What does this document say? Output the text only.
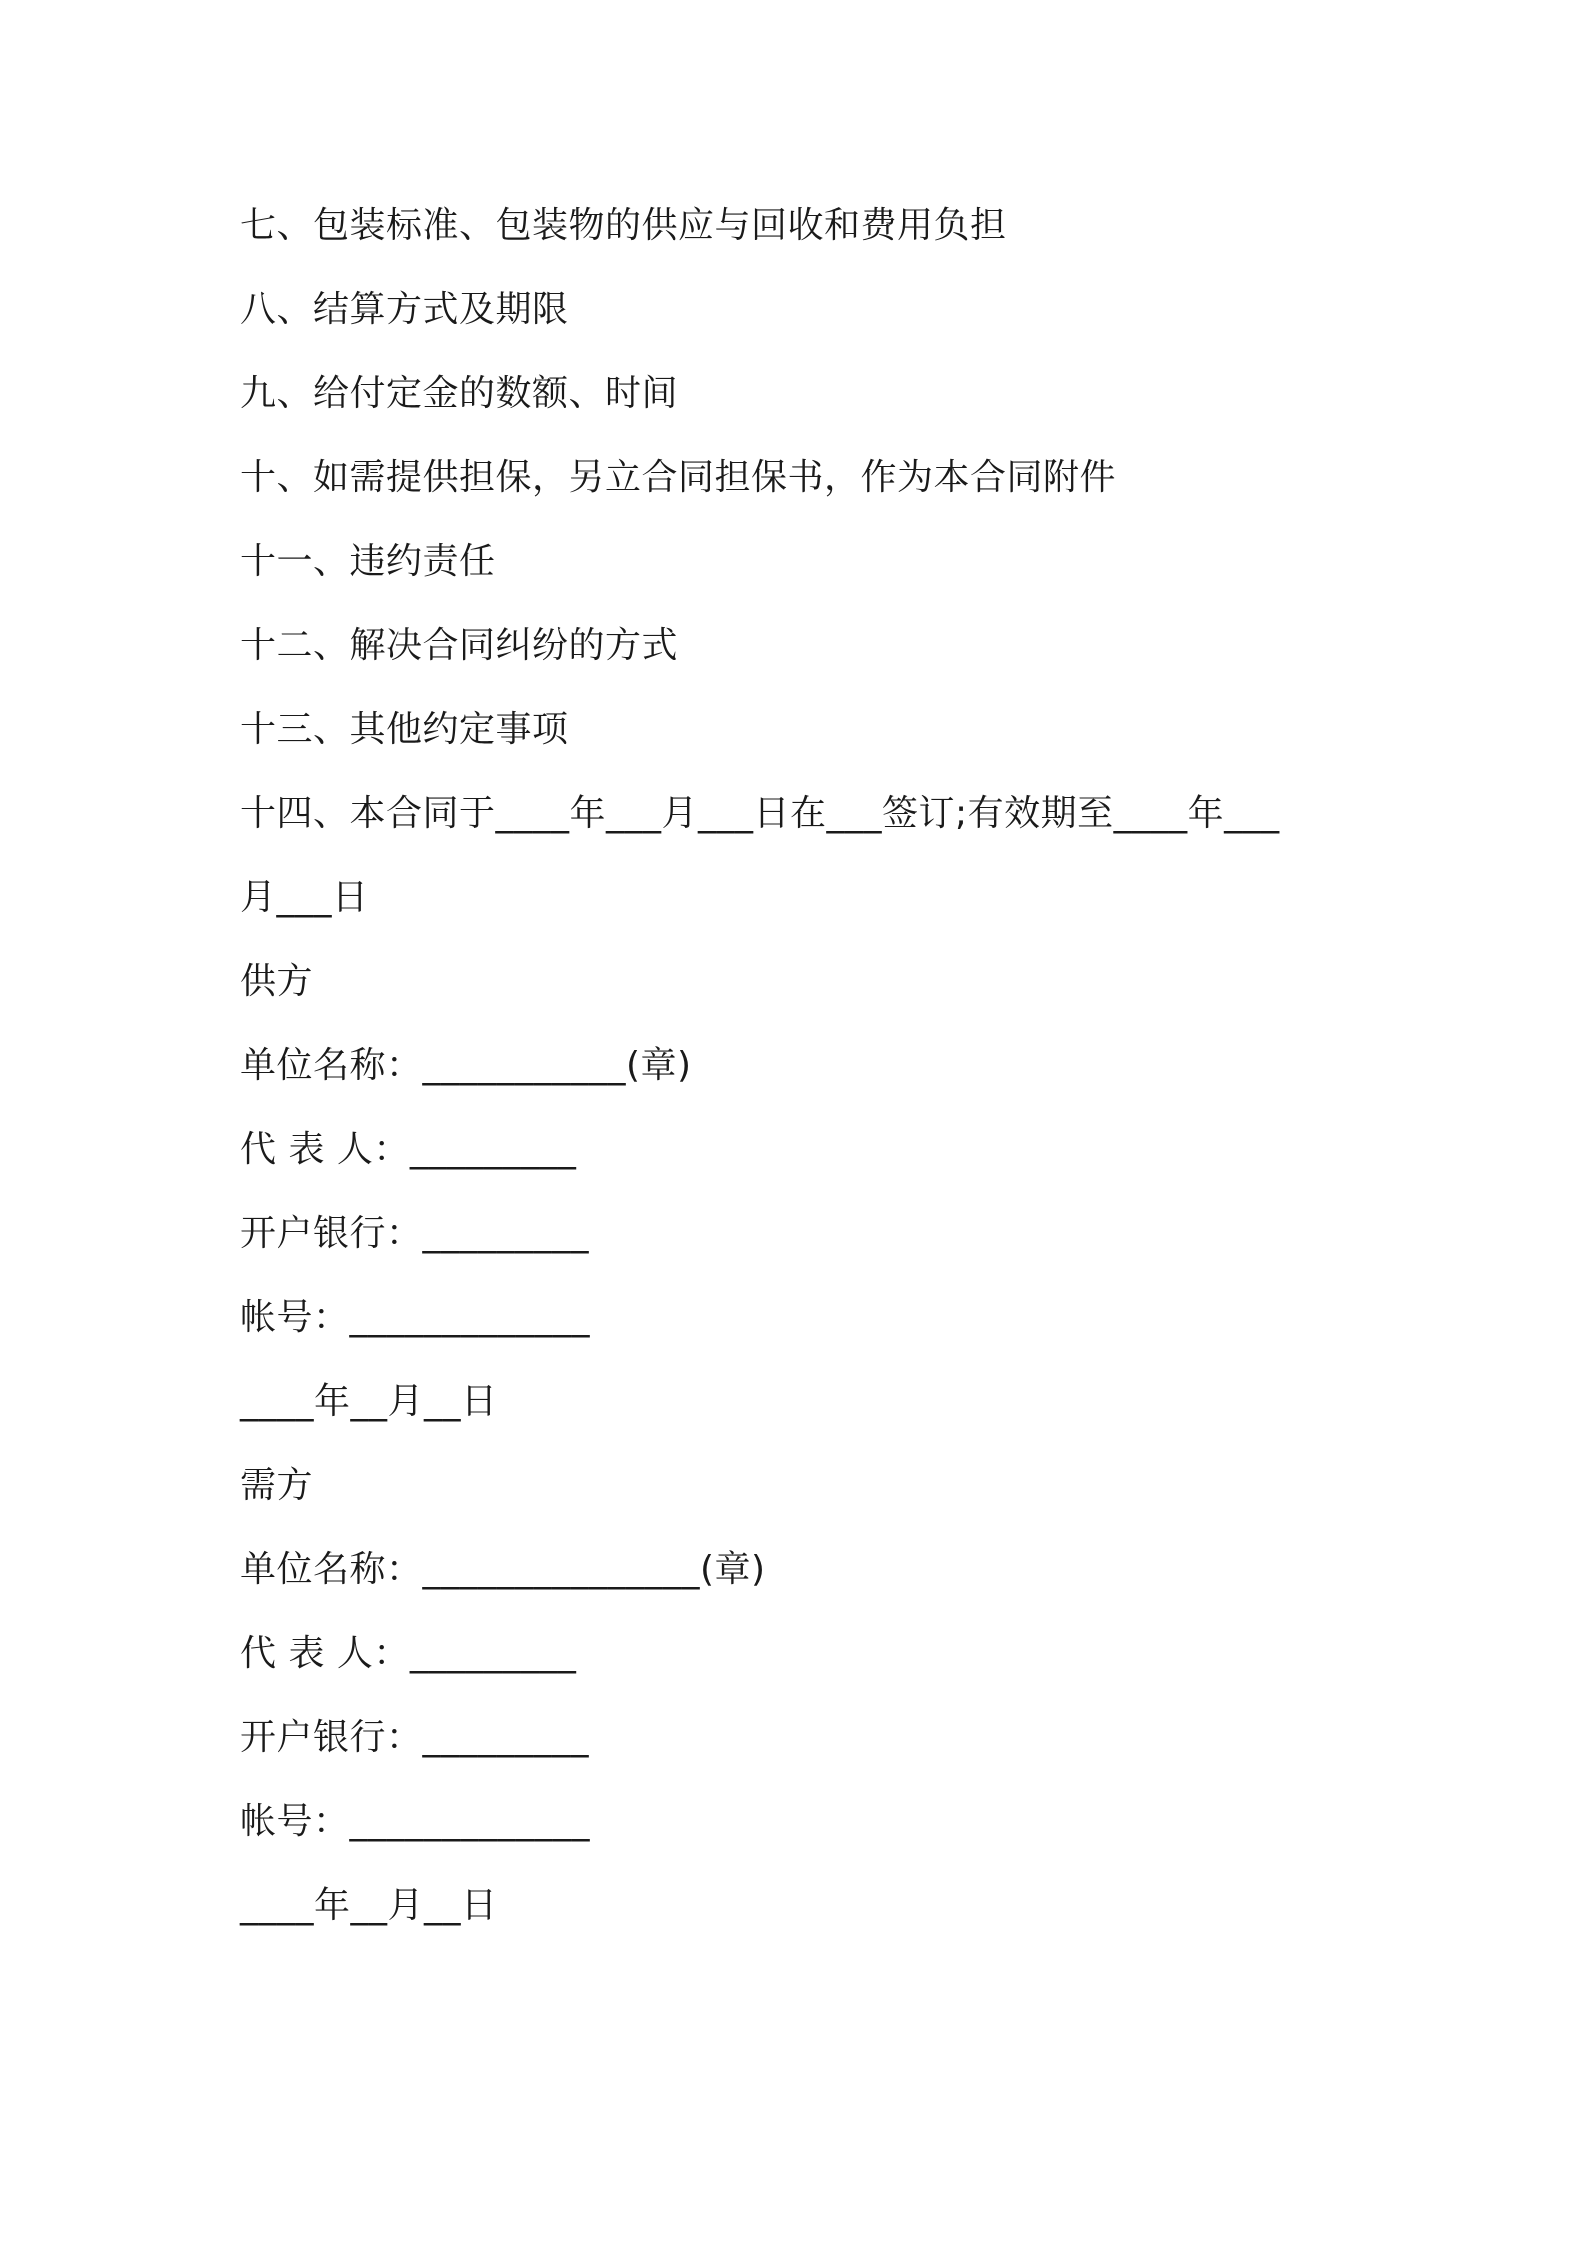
七、包装标准、包装物的供应与回收和费用负担
八、结算方式及期限
九、给付定金的数额、时间
十、如需提供担保，另立合同担保书，作为本合同附件
十一、违约责任
十二、解决合同纠纷的方式
十三、其他约定事项
十四、本合同于____年___月___日在___签订;有效期至____年___
月___日
供方
单位名称：___________(章)
代 表 人：_________
开户银行：_________
帐号：_____________
____年__月__日
需方
单位名称：_______________(章)
代 表 人：_________
开户银行：_________
帐号：_____________
____年__月__日
